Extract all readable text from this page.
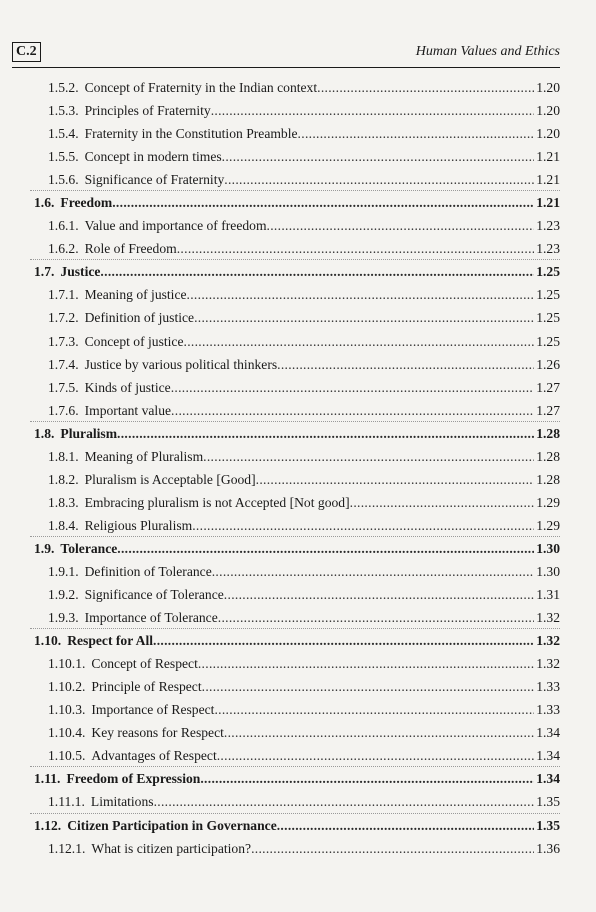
C.2	Human Values and Ethics
1.5.2. Concept of Fraternity in the Indian context .....	1.20
1.5.3. Principles of Fraternity .....	1.20
1.5.4. Fraternity in the Constitution Preamble .....	1.20
1.5.5. Concept in modern times .....	1.21
1.5.6. Significance of Fraternity .....	1.21
1.6. Freedom .....	1.21
1.6.1. Value and importance of freedom .....	1.23
1.6.2. Role of Freedom .....	1.23
1.7. Justice .....	1.25
1.7.1. Meaning of justice .....	1.25
1.7.2. Definition of justice .....	1.25
1.7.3. Concept of justice .....	1.25
1.7.4. Justice by various political thinkers .....	1.26
1.7.5. Kinds of justice .....	1.27
1.7.6. Important value .....	1.27
1.8. Pluralism .....	1.28
1.8.1. Meaning of Pluralism .....	1.28
1.8.2. Pluralism is Acceptable [Good] .....	1.28
1.8.3. Embracing pluralism is not Accepted [Not good] .....	1.29
1.8.4. Religious Pluralism .....	1.29
1.9. Tolerance .....	1.30
1.9.1. Definition of Tolerance .....	1.30
1.9.2. Significance of Tolerance .....	1.31
1.9.3. Importance of Tolerance .....	1.32
1.10. Respect for All .....	1.32
1.10.1. Concept of Respect .....	1.32
1.10.2. Principle of Respect .....	1.33
1.10.3. Importance of Respect .....	1.33
1.10.4. Key reasons for Respect .....	1.34
1.10.5. Advantages of Respect .....	1.34
1.11. Freedom of Expression .....	1.34
1.11.1. Limitations .....	1.35
1.12. Citizen Participation in Governance .....	1.35
1.12.1. What is citizen participation? .....	1.36
